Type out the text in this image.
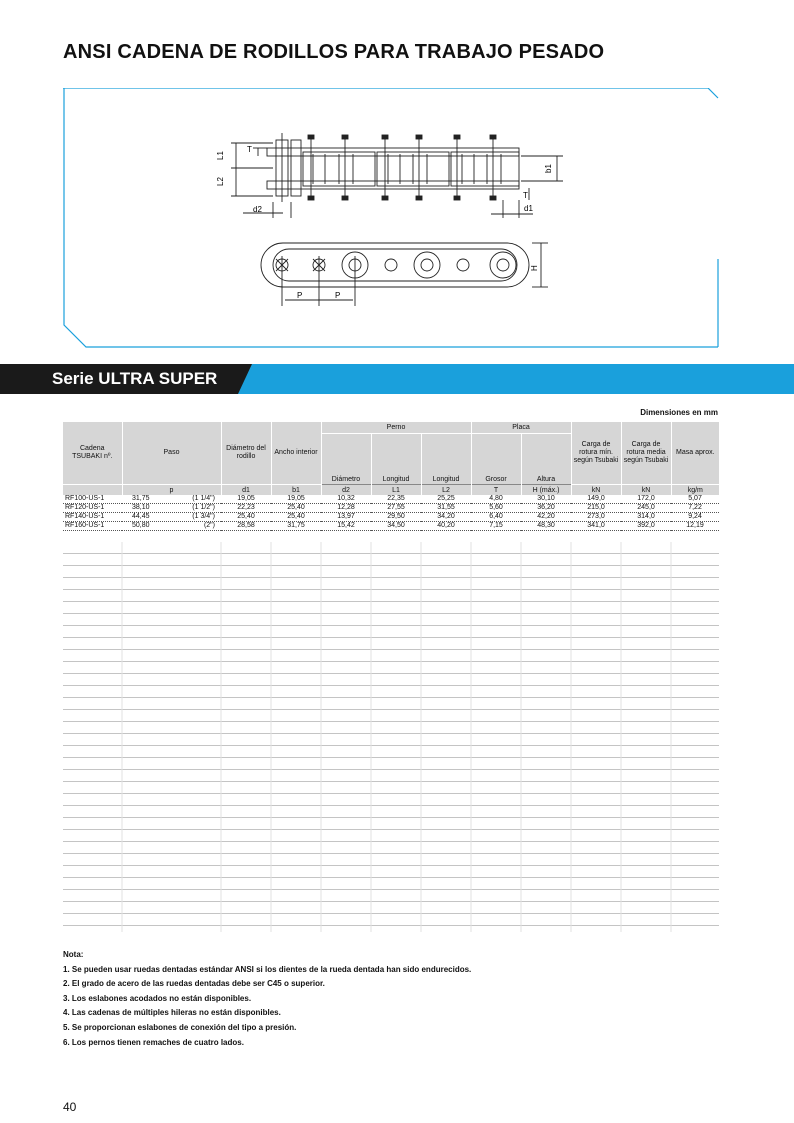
ANSI CADENA DE RODILLOS PARA TRABAJO PESADO
L1
L2
T
d2
b1
T
d1
P	P
H
Serie ULTRA SUPER
Dimensiones en mm
Cadena TSUBAKI nº.	Paso	Diámetro del rodillo	Ancho interior	Perno			Placa		Carga de rotura mín. según Tsubaki	Carga de rotura media según Tsubaki	Masa aprox.
				Diámetro	Longitud	Longitud	Grosor	Altura			
	p	d1	b1	d2	L1	L2	T	H (máx.)	kN	kN	kg/m
RF100-US-1	31,75 (1 1/4")	19,05	19,05	10,32	22,35	25,25	4,80	30,10	149,0	172,0	5,07
RF120-US-1	38,10 (1 1/2")	22,23	25,40	12,28	27,55	31,55	5,60	36,20	215,0	245,0	7,22
RF140-US-1	44,45 (1 3/4")	25,40	25,40	13,97	29,50	34,20	6,40	42,20	273,0	314,0	9,24
RF160-US-1	50,80 (2")	28,58	31,75	15,42	34,50	40,20	7,15	48,30	341,0	392,0	12,19
Nota:
1. Se pueden usar ruedas dentadas estándar ANSI si los dientes de la rueda dentada han sido endurecidos.
2. El grado de acero de las ruedas dentadas debe ser C45 o superior.
3. Los eslabones acodados no están disponibles.
4. Las cadenas de múltiples hileras no están disponibles.
5. Se proporcionan eslabones de conexión del tipo a presión.
6. Los pernos tienen remaches de cuatro lados.
40
